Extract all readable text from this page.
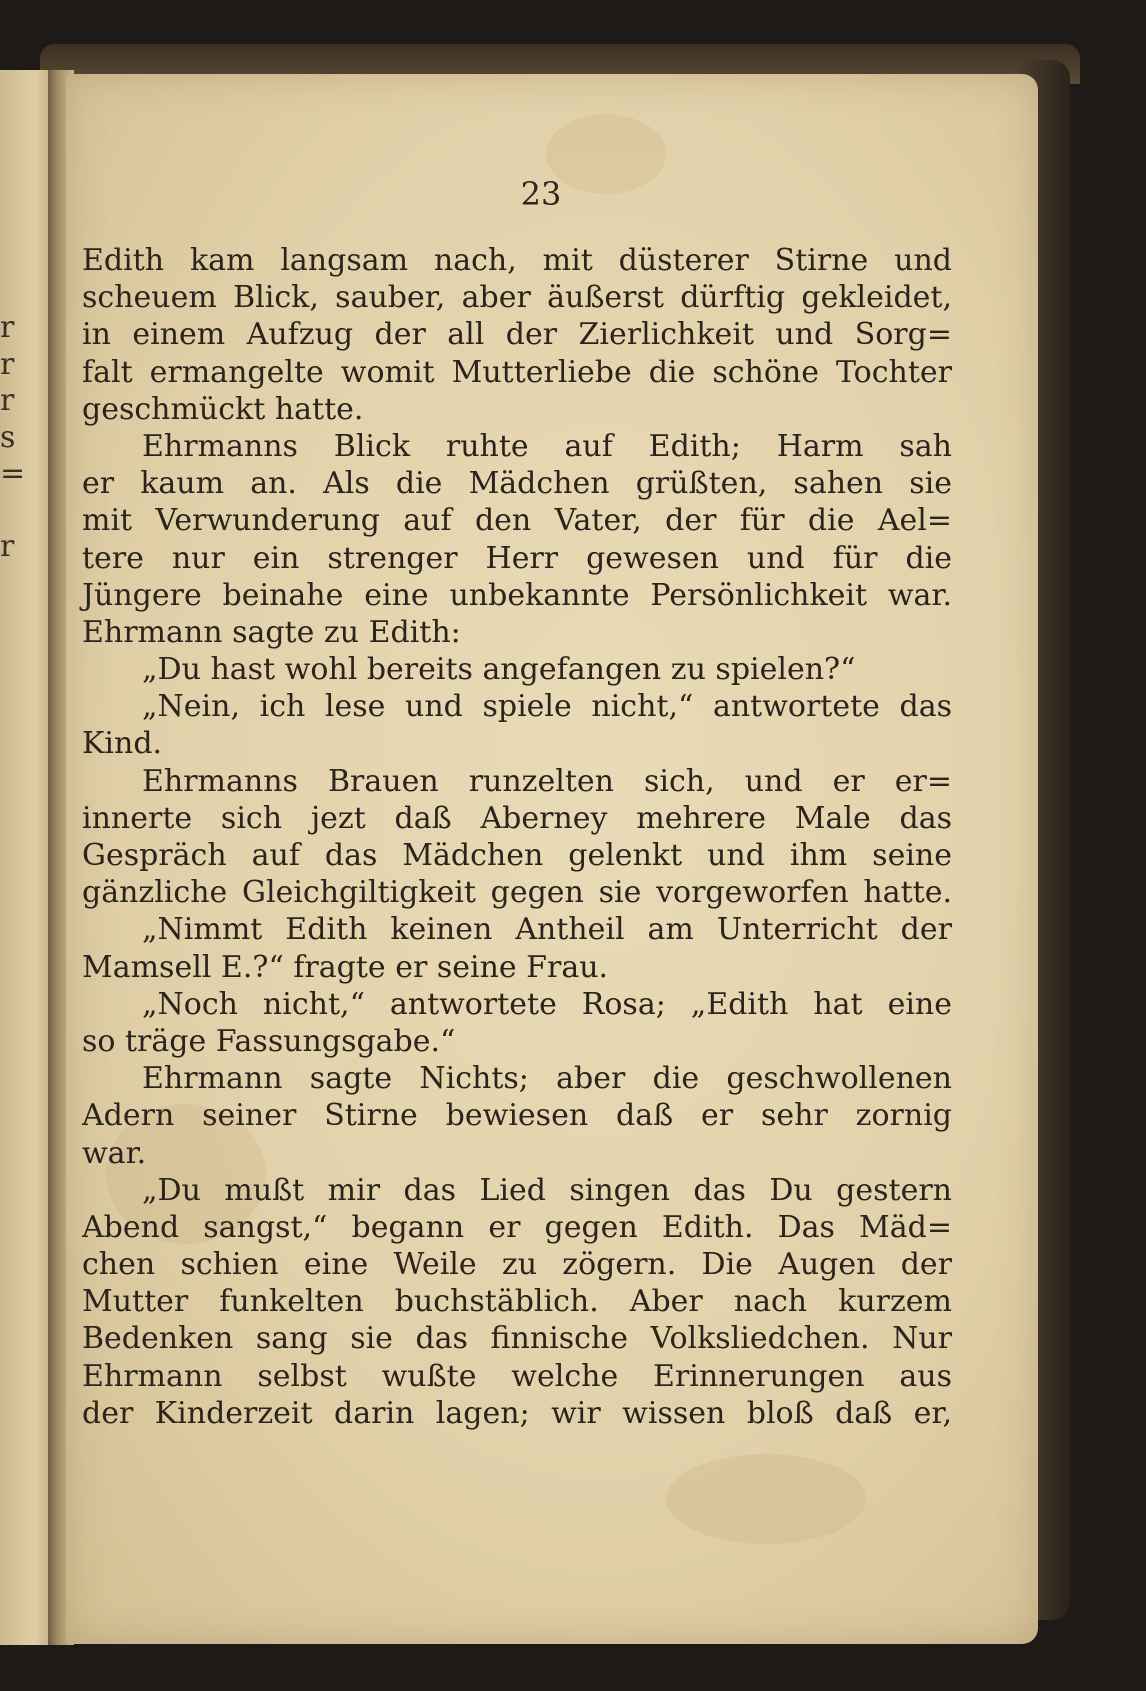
r
r
r
s
=
r
23
Edith kam langsam nach, mit düsterer Stirne und
scheuem Blick, sauber, aber äußerst dürftig gekleidet,
in einem Aufzug der all der Zierlichkeit und Sorg=
falt ermangelte womit Mutterliebe die schöne Tochter
geschmückt hatte.
Ehrmanns Blick ruhte auf Edith; Harm sah
er kaum an. Als die Mädchen grüßten, sahen sie
mit Verwunderung auf den Vater, der für die Ael=
tere nur ein strenger Herr gewesen und für die
Jüngere beinahe eine unbekannte Persönlichkeit war.
Ehrmann sagte zu Edith:
„Du hast wohl bereits angefangen zu spielen?“
„Nein, ich lese und spiele nicht,“ antwortete das
Kind.
Ehrmanns Brauen runzelten sich, und er er=
innerte sich jezt daß Aberney mehrere Male das
Gespräch auf das Mädchen gelenkt und ihm seine
gänzliche Gleichgiltigkeit gegen sie vorgeworfen hatte.
„Nimmt Edith keinen Antheil am Unterricht der
Mamsell E.?“ fragte er seine Frau.
„Noch nicht,“ antwortete Rosa; „Edith hat eine
so träge Fassungsgabe.“
Ehrmann sagte Nichts; aber die geschwollenen
Adern seiner Stirne bewiesen daß er sehr zornig
war.
„Du mußt mir das Lied singen das Du gestern
Abend sangst,“ begann er gegen Edith. Das Mäd=
chen schien eine Weile zu zögern. Die Augen der
Mutter funkelten buchstäblich. Aber nach kurzem
Bedenken sang sie das finnische Volksliedchen. Nur
Ehrmann selbst wußte welche Erinnerungen aus
der Kinderzeit darin lagen; wir wissen bloß daß er,
